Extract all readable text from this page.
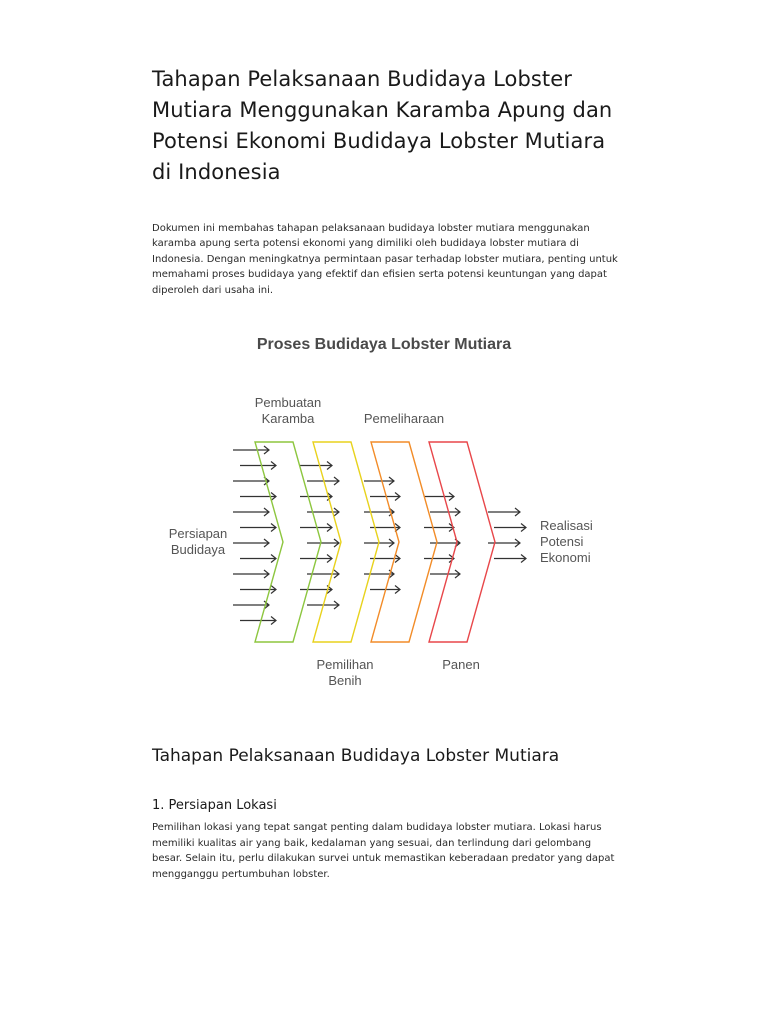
Tahapan Pelaksanaan Budidaya Lobster Mutiara Menggunakan Karamba Apung dan Potensi Ekonomi Budidaya Lobster Mutiara di Indonesia

Dokumen ini membahas tahapan pelaksanaan budidaya lobster mutiara menggunakan karamba apung serta potensi ekonomi yang dimiliki oleh budidaya lobster mutiara di Indonesia. Dengan meningkatnya permintaan pasar terhadap lobster mutiara, penting untuk memahami proses budidaya yang efektif dan efisien serta potensi keuntungan yang dapat diperoleh dari usaha ini.

Proses Budidaya Lobster Mutiara
Persiapan
Budidaya
Pembuatan
Karamba	Pemeliharaan
Pemilihan
Benih
Panen
Realisasi
Potensi
Ekonomi
Tahapan Pelaksanaan Budidaya Lobster Mutiara
1. Persiapan Lokasi

Pemilihan lokasi yang tepat sangat penting dalam budidaya lobster mutiara. Lokasi harus memiliki kualitas air yang baik, kedalaman yang sesuai, dan terlindung dari gelombang besar. Selain itu, perlu dilakukan survei untuk memastikan keberadaan predator yang dapat mengganggu pertumbuhan lobster.
